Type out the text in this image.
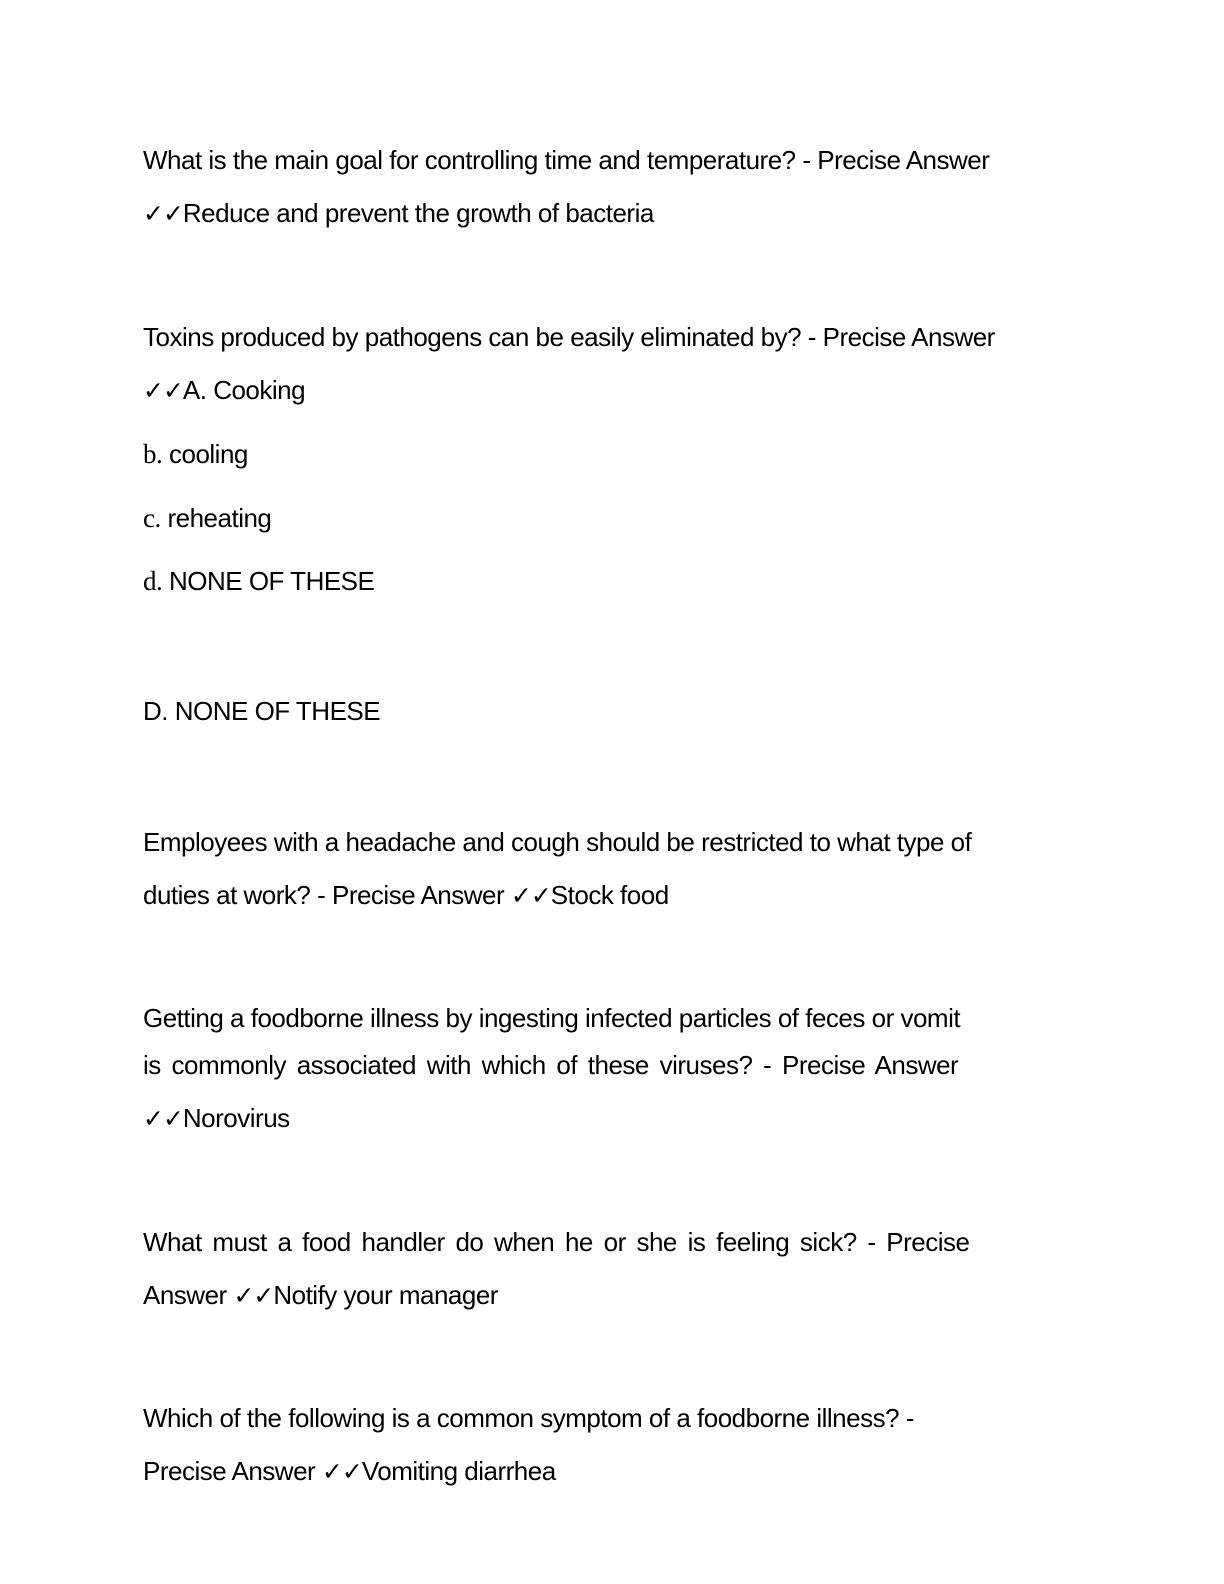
What is the main goal for controlling time and temperature? - Precise Answer
✓✓Reduce and prevent the growth of bacteria
Toxins produced by pathogens can be easily eliminated by? - Precise Answer
✓✓A. Cooking
b. cooling
c. reheating
d. NONE OF THESE
D. NONE OF THESE
Employees with a headache and cough should be restricted to what type of
duties at work? - Precise Answer ✓✓Stock food
Getting a foodborne illness by ingesting infected particles of feces or vomit
is commonly associated with which of these viruses? - Precise Answer
✓✓Norovirus
What must a food handler do when he or she is feeling sick? - Precise
Answer ✓✓Notify your manager
Which of the following is a common symptom of a foodborne illness? -
Precise Answer ✓✓Vomiting diarrhea
